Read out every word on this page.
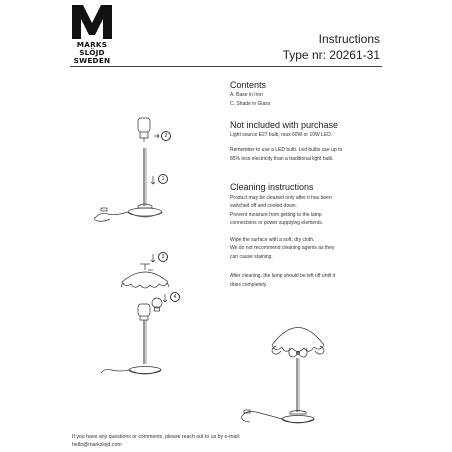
MARKS
SLÖJD
SWEDEN
Instructions
Type nr: 20261-31
Contents
A. Base in Iron
C. Shade in Glass
Not included with purchase
Light source E27 bulb, max 60W or 10W LED.
Remember to use a LED bulb. Led bulbs use up to
85% less electricity than a traditional light bulb.
Cleaning instructions
Product may be cleaned only after it has been
switched off and cooled down.
Prevent moisture from getting to the lamp
connections or power supplying elements.
Wipe the surface with a soft, dry cloth.
We do not recommend cleaning agents as they
can cause staining.
After cleaning, the lamp should be left off until it
dries completely.
2
1
3
4
If you have any questions or comments, please reach out to us by e-mail:
hello@markslojd.com
